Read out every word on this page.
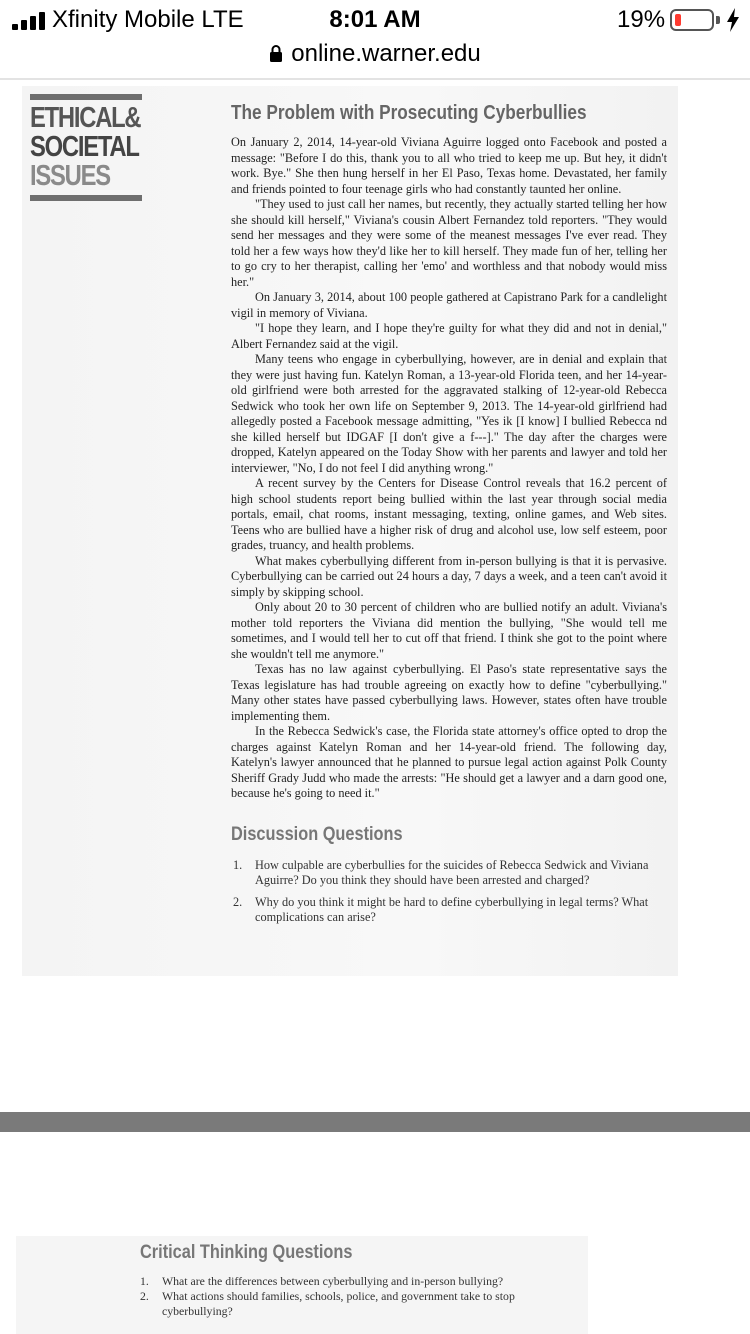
Xfinity Mobile LTE	8:01 AM	19%
online.warner.edu
ETHICAL&
SOCIETAL
ISSUES
The Problem with Prosecuting Cyberbullies

On January 2, 2014, 14-year-old Viviana Aguirre logged onto Facebook and posted a message: "Before I do this, thank you to all who tried to keep me up. But hey, it didn't work. Bye." She then hung herself in her El Paso, Texas home. Devastated, her family and friends pointed to four teenage girls who had constantly taunted her online.

"They used to just call her names, but recently, they actually started telling her how she should kill herself," Viviana's cousin Albert Fernandez told reporters. "They would send her messages and they were some of the meanest messages I've ever read. They told her a few ways how they'd like her to kill herself. They made fun of her, telling her to go cry to her therapist, calling her 'emo' and worthless and that nobody would miss her."

On January 3, 2014, about 100 people gathered at Capistrano Park for a candlelight vigil in memory of Viviana.

"I hope they learn, and I hope they're guilty for what they did and not in denial," Albert Fernandez said at the vigil.

Many teens who engage in cyberbullying, however, are in denial and explain that they were just having fun. Katelyn Roman, a 13-year-old Florida teen, and her 14-year-old girlfriend were both arrested for the aggravated stalking of 12-year-old Rebecca Sedwick who took her own life on September 9, 2013. The 14-year-old girlfriend had allegedly posted a Facebook message admitting, "Yes ik [I know] I bullied Rebecca nd she killed herself but IDGAF [I don't give a f---]." The day after the charges were dropped, Katelyn appeared on the Today Show with her parents and lawyer and told her interviewer, "No, I do not feel I did anything wrong."

A recent survey by the Centers for Disease Control reveals that 16.2 percent of high school students report being bullied within the last year through social media portals, email, chat rooms, instant messaging, texting, online games, and Web sites. Teens who are bullied have a higher risk of drug and alcohol use, low self esteem, poor grades, truancy, and health problems.

What makes cyberbullying different from in-person bullying is that it is pervasive. Cyberbullying can be carried out 24 hours a day, 7 days a week, and a teen can't avoid it simply by skipping school.

Only about 20 to 30 percent of children who are bullied notify an adult. Viviana's mother told reporters the Viviana did mention the bullying, "She would tell me sometimes, and I would tell her to cut off that friend. I think she got to the point where she wouldn't tell me anymore."

Texas has no law against cyberbullying. El Paso's state representative says the Texas legislature has had trouble agreeing on exactly how to define "cyberbullying." Many other states have passed cyberbullying laws. However, states often have trouble implementing them.

In the Rebecca Sedwick's case, the Florida state attorney's office opted to drop the charges against Katelyn Roman and her 14-year-old friend. The following day, Katelyn's lawyer announced that he planned to pursue legal action against Polk County Sheriff Grady Judd who made the arrests: "He should get a lawyer and a darn good one, because he's going to need it."

Discussion Questions
1. How culpable are cyberbullies for the suicides of Rebecca Sedwick and Viviana Aguirre? Do you think they should have been arrested and charged?
2. Why do you think it might be hard to define cyberbullying in legal terms? What complications can arise?
Critical Thinking Questions
1. What are the differences between cyberbullying and in-person bullying?
2. What actions should families, schools, police, and government take to stop cyberbullying?
